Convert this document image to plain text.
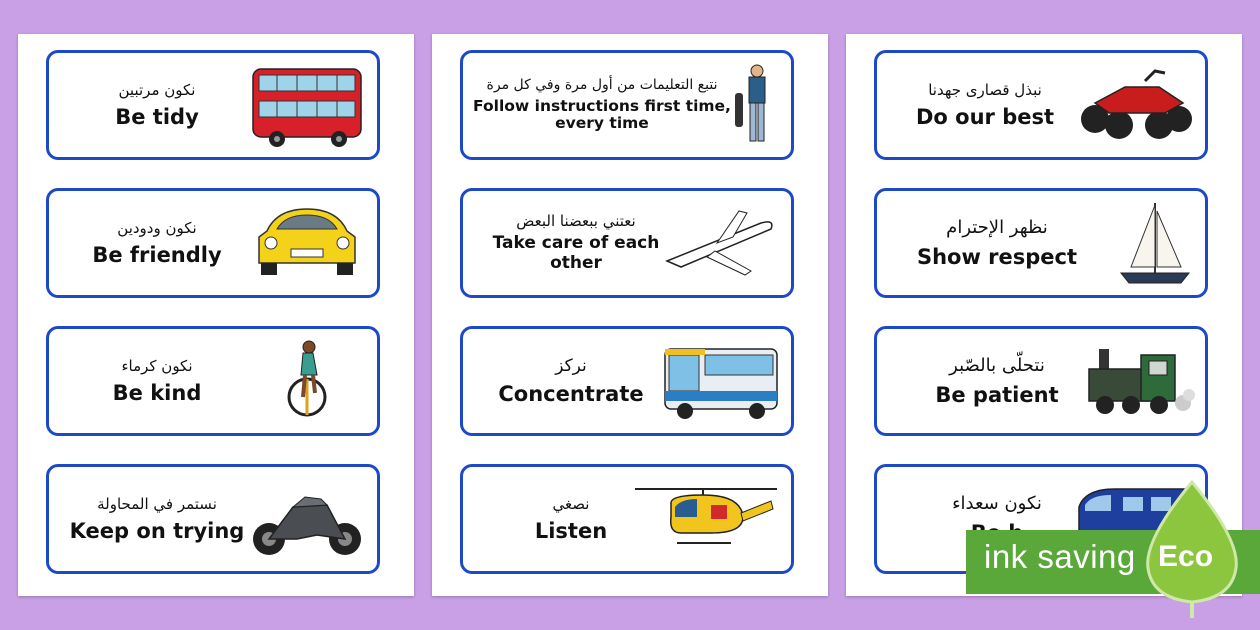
نكون مرتبين
Be tidy
نكون ودودين
Be friendly
نكون كرماء
Be kind
نستمر في المحاولة
Keep on trying
نتبع التعليمات من أول مرة وفي كل مرة
Follow instructions first time,
every time
نعتني ببعضنا البعض
Take care of each other
نركز
Concentrate
نصغي
Listen
نبذل قصارى جهدنا
Do our best
نظهر الإحترام
Show respect
نتحلّى بالصّبر
Be patient
نكون سعداء
ink saving Eco
